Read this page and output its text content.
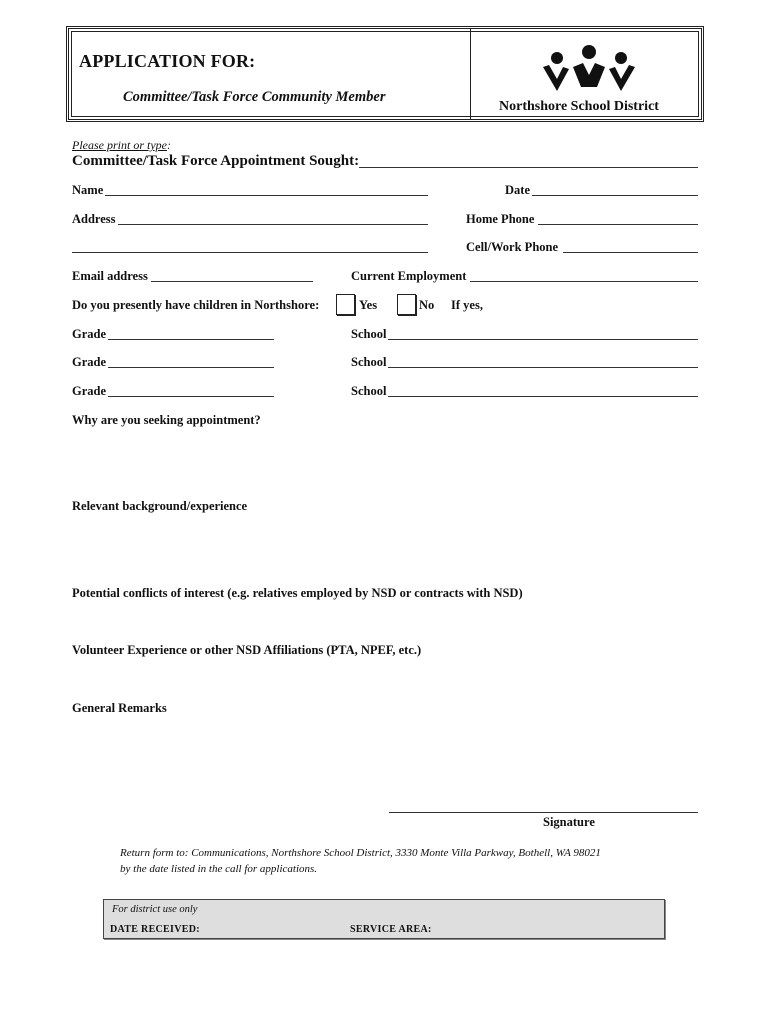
APPLICATION FOR:
Committee/Task Force Community Member
Northshore School District
Please print or type:
Committee/Task Force Appointment Sought:
Name	Date
Address	Home Phone
Cell/Work Phone
Email address	Current Employment
Do you presently have children in Northshore:	Yes	No If yes,
Grade	School
Grade	School
Grade	School
Why are you seeking appointment?
Relevant background/experience
Potential conflicts of interest (e.g. relatives employed by NSD or contracts with NSD)
Volunteer Experience or other NSD Affiliations (PTA, NPEF, etc.)
General Remarks
Signature
Return form to: Communications, Northshore School District, 3330 Monte Villa Parkway, Bothell, WA 98021
by the date listed in the call for applications.
For district use only
DATE RECEIVED:	SERVICE AREA:
